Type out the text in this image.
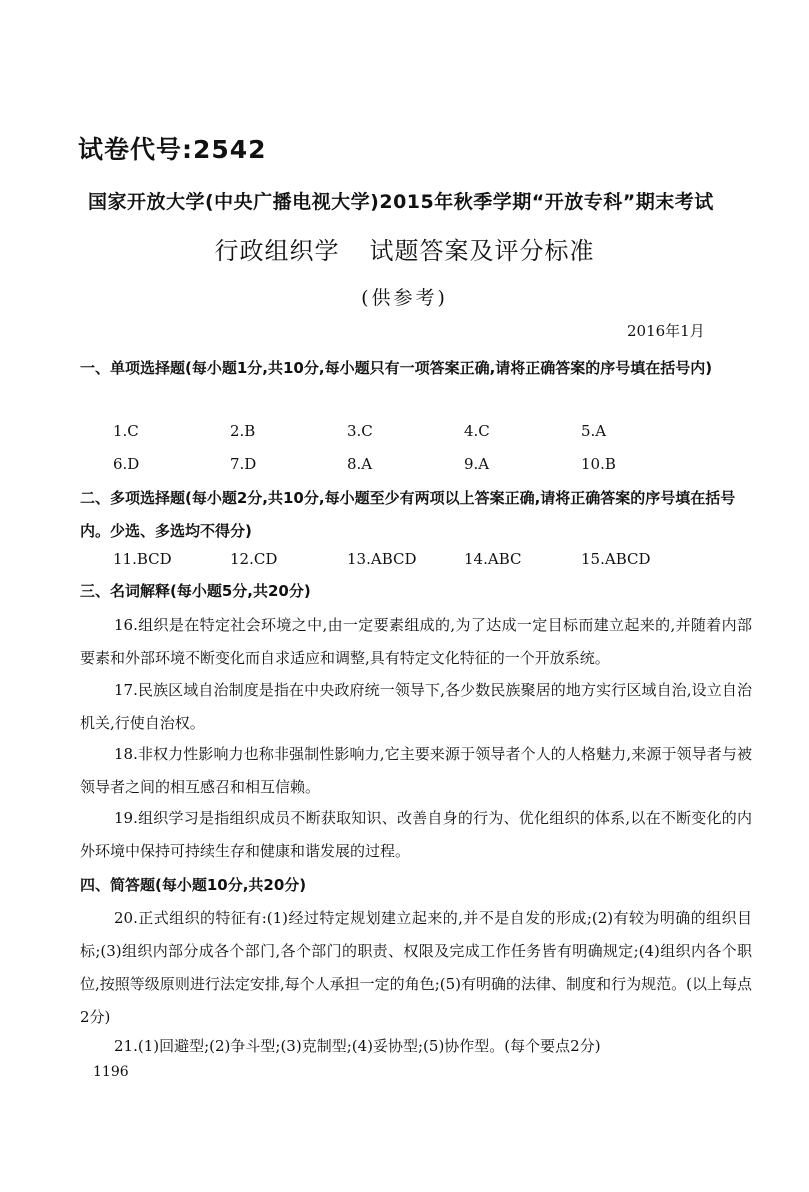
试卷代号:2542
国家开放大学(中央广播电视大学)2015年秋季学期“开放专科”期末考试
行政组织学 试题答案及评分标准
(供参考)
2016年1月
一、单项选择题(每小题1分,共10分,每小题只有一项答案正确,请将正确答案的序号填在括号内)
1.C	2.B	3.C	4.C	5.A
6.D	7.D	8.A	9.A	10.B
二、多项选择题(每小题2分,共10分,每小题至少有两项以上答案正确,请将正确答案的序号填在括号内。少选、多选均不得分)
11.BCD	12.CD	13.ABCD	14.ABC	15.ABCD
三、名词解释(每小题5分,共20分)
16.组织是在特定社会环境之中,由一定要素组成的,为了达成一定目标而建立起来的,并随着内部要素和外部环境不断变化而自求适应和调整,具有特定文化特征的一个开放系统。
17.民族区域自治制度是指在中央政府统一领导下,各少数民族聚居的地方实行区域自治,设立自治机关,行使自治权。
18.非权力性影响力也称非强制性影响力,它主要来源于领导者个人的人格魅力,来源于领导者与被领导者之间的相互感召和相互信赖。
19.组织学习是指组织成员不断获取知识、改善自身的行为、优化组织的体系,以在不断变化的内外环境中保持可持续生存和健康和谐发展的过程。
四、简答题(每小题10分,共20分)
20.正式组织的特征有:(1)经过特定规划建立起来的,并不是自发的形成;(2)有较为明确的组织目标;(3)组织内部分成各个部门,各个部门的职责、权限及完成工作任务皆有明确规定;(4)组织内各个职位,按照等级原则进行法定安排,每个人承担一定的角色;(5)有明确的法律、制度和行为规范。(以上每点2分)
21.(1)回避型;(2)争斗型;(3)克制型;(4)妥协型;(5)协作型。(每个要点2分)
1196
